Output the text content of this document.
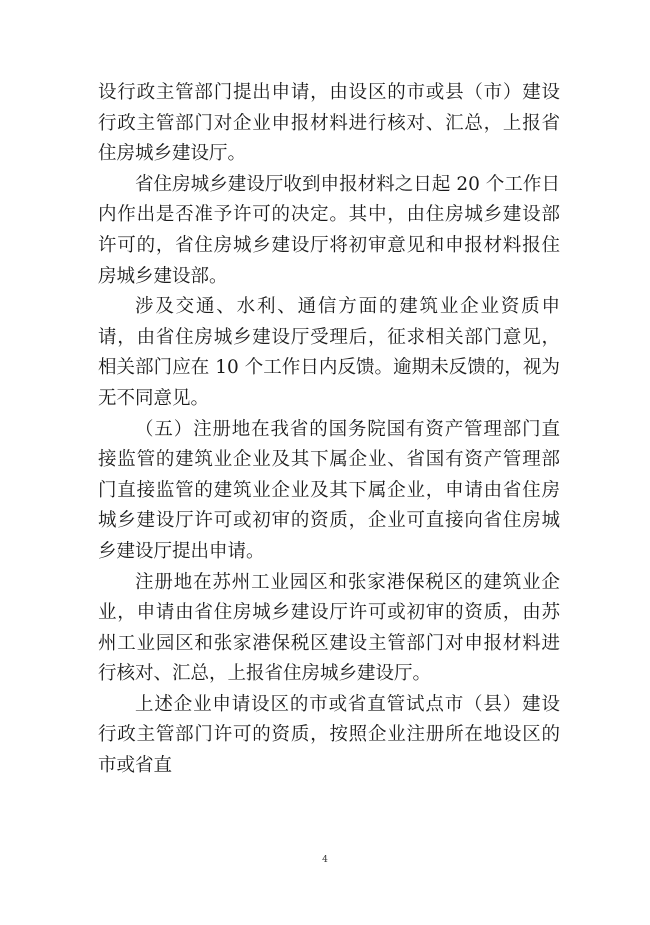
设行政主管部门提出申请，由设区的市或县（市）建设行政主管部门对企业申报材料进行核对、汇总，上报省住房城乡建设厅。

省住房城乡建设厅收到申报材料之日起 20 个工作日内作出是否准予许可的决定。其中，由住房城乡建设部许可的，省住房城乡建设厅将初审意见和申报材料报住房城乡建设部。

涉及交通、水利、通信方面的建筑业企业资质申请，由省住房城乡建设厅受理后，征求相关部门意见，相关部门应在 10 个工作日内反馈。逾期未反馈的，视为无不同意见。

（五）注册地在我省的国务院国有资产管理部门直接监管的建筑业企业及其下属企业、省国有资产管理部门直接监管的建筑业企业及其下属企业，申请由省住房城乡建设厅许可或初审的资质，企业可直接向省住房城乡建设厅提出申请。

注册地在苏州工业园区和张家港保税区的建筑业企业，申请由省住房城乡建设厅许可或初审的资质，由苏州工业园区和张家港保税区建设主管部门对申报材料进行核对、汇总，上报省住房城乡建设厅。

上述企业申请设区的市或省直管试点市（县）建设行政主管部门许可的资质，按照企业注册所在地设区的市或省直

4
